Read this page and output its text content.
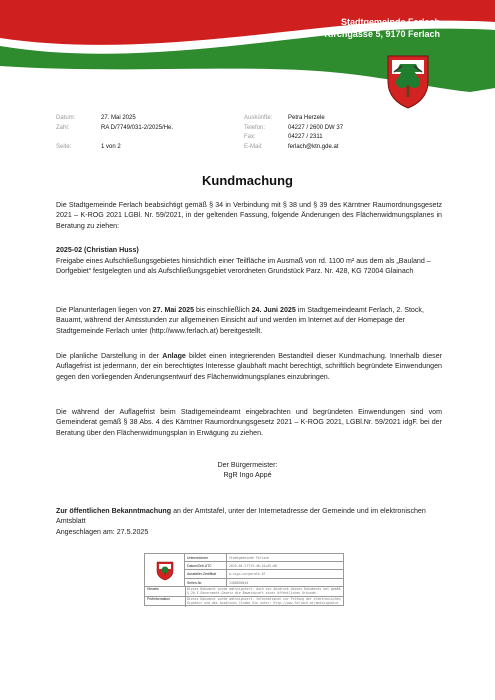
Stadtgemeinde Ferlach
Kirchgasse 5, 9170 Ferlach
Datum:	27. Mai 2025
Zahl:	RA D/7749/031-2/2025/He.
Seite:	1 von 2
Auskünfte:	Petra Herzele
Telefon:	04227 / 2600 DW 37
Fax:	04227 / 2311
E-Mail:	ferlach@ktn.gde.at
Kundmachung
Die Stadtgemeinde Ferlach beabsichtigt gemäß § 34 in Verbindung mit § 38 und § 39 des Kärntner Raumordnungsgesetz 2021 – K-ROG 2021 LGBl. Nr. 59/2021, in der geltenden Fassung, folgende Änderungen des Flächenwidmungsplanes in Beratung zu ziehen:
2025-02 (Christian Huss)
Freigabe eines Aufschließungsgebietes hinsichtlich einer Teilfläche im Ausmaß von rd. 1100 m² aus dem als „Bauland – Dorfgebiet“ festgelegten und als Aufschließungsgebiet verordneten Grundstück Parz. Nr. 428, KG 72004 Glainach
Die Planunterlagen liegen von 27. Mai 2025 bis einschließlich 24. Juni 2025 im Stadtgemeindeamt Ferlach, 2. Stock, Bauamt, während der Amtsstunden zur allgemeinen Einsicht auf und werden im Internet auf der Homepage der Stadtgemeinde Ferlach unter (http://www.ferlach.at) bereitgestellt.
Die planliche Darstellung in der Anlage bildet einen integrierenden Bestandteil dieser Kundmachung. Innerhalb dieser Auflagefrist ist jedermann, der ein berechtigtes Interesse glaubhaft macht berechtigt, schriftlich begründete Einwendungen gegen den vorliegenden Änderungsentwurf des Flächenwidmungsplanes einzubringen.
Die während der Auflagefrist beim Stadtgemeindeamt eingebrachten und begründeten Einwendungen sind vom Gemeinderat gemäß § 38 Abs. 4 des Kärntner Raumordnungsgesetz 2021 – K-ROG 2021, LGBl.Nr. 59/2021 idgF. bei der Beratung über den Flächenwidmungsplan in Erwägung zu ziehen.
Der Bürgermeister:
RgR Ingo Appé
Zur öffentlichen Bekanntmachung an der Amtstafel, unter der Internetadresse der Gemeinde und im elektronischen Amtsblatt
Angeschlagen am: 27.5.2025
Unterzeichner	Stadtgemeinde Ferlach
Datum/Zeit-UTC	2025-05-27T13:48:16+02:00
Aussteller-Zertifikat	a-sign-corporate-07
Serien-Nr.	1380856044
Hinweis	Dieses Dokument wurde amtssigniert. Auch ein Ausdruck dieses Dokuments hat gemäß § 20 E-Government-Gesetz die Beweiskraft einer öffentlichen Urkunde.
Prüfinformation	Dieses Dokument wurde amtssigniert. Informationen zur Prüfung der elektronischen Signatur und des Ausdrucks finden Sie unter: http://www.ferlach.at/amtssignatur
